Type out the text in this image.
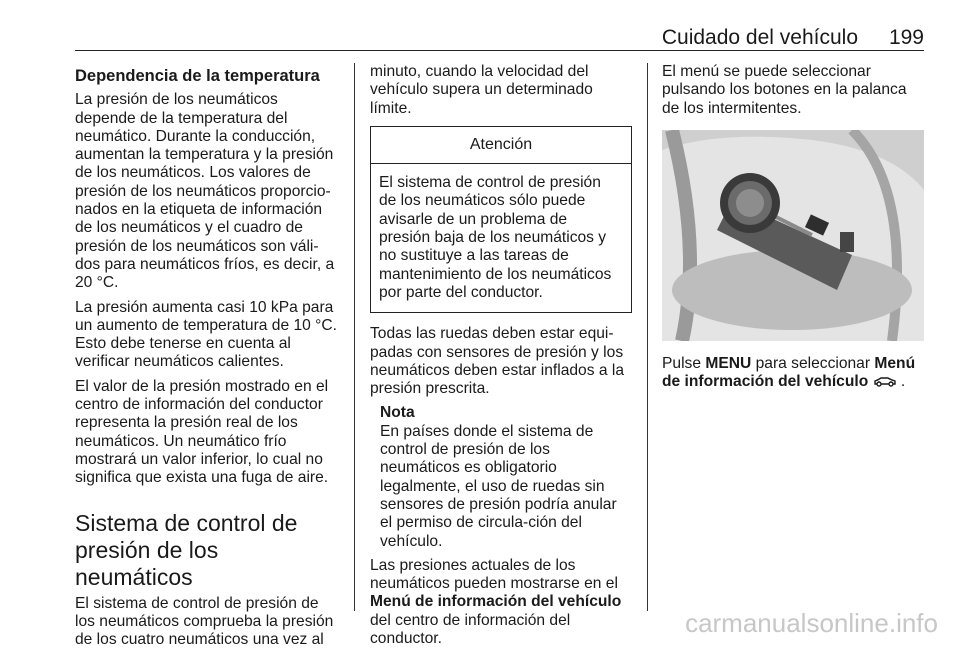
Cuidado del vehículo 199
Dependencia de la temperatura

La presión de los neumáticos depende de la temperatura del neumático. Durante la conducción, aumentan la temperatura y la presión de los neumáticos. Los valores de presión de los neumáticos proporcio-nados en la etiqueta de información de los neumáticos y el cuadro de presión de los neumáticos son váli-dos para neumáticos fríos, es decir, a 20 °C.

La presión aumenta casi 10 kPa para un aumento de temperatura de 10 °C. Esto debe tenerse en cuenta al verificar neumáticos calientes.

El valor de la presión mostrado en el centro de información del conductor representa la presión real de los neumáticos. Un neumático frío mostrará un valor inferior, lo cual no significa que exista una fuga de aire.

Sistema de control de presión de los neumáticos

El sistema de control de presión de los neumáticos comprueba la presión de los cuatro neumáticos una vez al

minuto, cuando la velocidad del vehículo supera un determinado límite.

Atención
El sistema de control de presión de los neumáticos sólo puede avisarle de un problema de presión baja de los neumáticos y no sustituye a las tareas de mantenimiento de los neumáticos por parte del conductor.

Todas las ruedas deben estar equi-padas con sensores de presión y los neumáticos deben estar inflados a la presión prescrita.

Nota
En países donde el sistema de control de presión de los neumáticos es obligatorio legalmente, el uso de ruedas sin sensores de presión podría anular el permiso de circula-ción del vehículo.

Las presiones actuales de los neumáticos pueden mostrarse en el Menú de información del vehículo del centro de información del conductor.

El menú se puede seleccionar pulsando los botones en la palanca de los intermitentes.

Pulse MENU para seleccionar Menú de información del vehículo .

carmanualsonline.info
